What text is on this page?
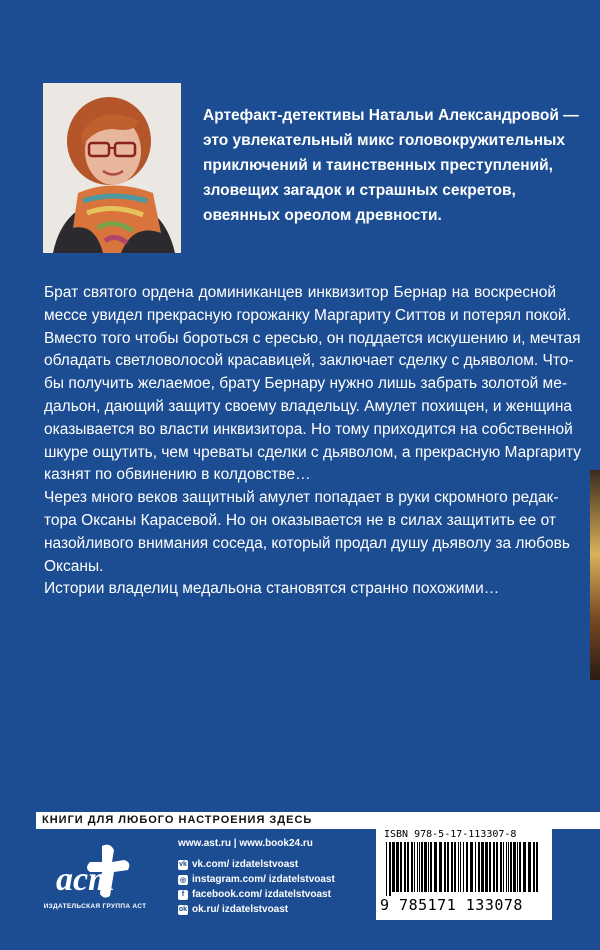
Артефакт-детективы Натальи Александровой —
это увлекательный микс головокружительных
приключений и таинственных преступлений,
зловещих загадок и страшных секретов,
овеянных ореолом древности.
Брат святого ордена доминиканцев инквизитор Бернар на воскресной
мессе увидел прекрасную горожанку Маргариту Ситтов и потерял покой.
Вместо того чтобы бороться с ересью, он поддается искушению и, мечтая
обладать светловолосой красавицей, заключает сделку с дьяволом. Что-
бы получить желаемое, брату Бернару нужно лишь забрать золотой ме-
дальон, дающий защиту своему владельцу. Амулет похищен, и женщина
оказывается во власти инквизитора. Но тому приходится на собственной
шкуре ощутить, чем чреваты сделки с дьяволом, а прекрасную Маргариту
казнят по обвинению в колдовстве…
Через много веков защитный амулет попадает в руки скромного редак-
тора Оксаны Карасевой. Но он оказывается не в силах защитить ее от
назойливого внимания соседа, который продал душу дьяволу за любовь
Оксаны.
Истории владелиц медальона становятся странно похожими…
КНИГИ ДЛЯ ЛЮБОГО НАСТРОЕНИЯ ЗДЕСЬ
аст
ИЗДАТЕЛЬСКАЯ ГРУППА АСТ
www.ast.ru | www.book24.ru
vk vk.com/ izdatelstvoast
◎ instagram.com/ izdatelstvoast
f facebook.com/ izdatelstvoast
ok ok.ru/ izdatelstvoast
ISBN 978-5-17-113307-8
9 785171 133078
